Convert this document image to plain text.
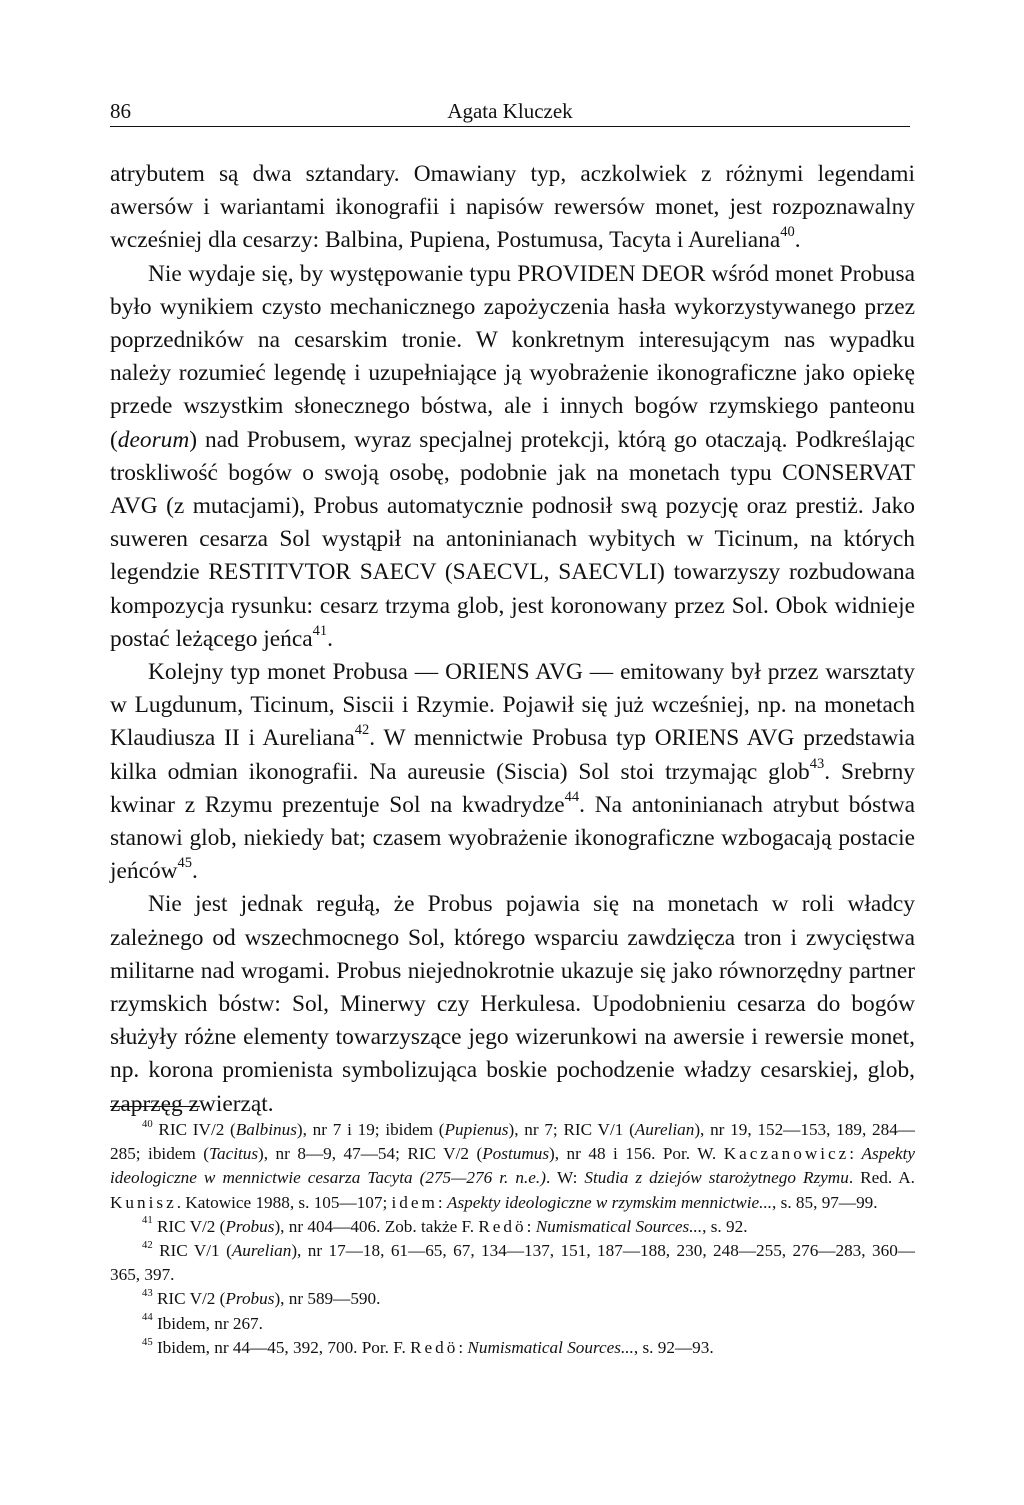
86	Agata Kluczek

atrybutem są dwa sztandary. Omawiany typ, aczkolwiek z różnymi legendami awersów i wariantami ikonografii i napisów rewersów monet, jest rozpoznawalny wcześniej dla cesarzy: Balbina, Pupiena, Postumusa, Tacyta i Aureliana$^{40}$.

Nie wydaje się, by występowanie typu PROVIDEN DEOR wśród monet Probusa było wynikiem czysto mechanicznego zapożyczenia hasła wykorzystywanego przez poprzedników na cesarskim tronie. W konkretnym interesującym nas wypadku należy rozumieć legendę i uzupełniające ją wyobrażenie ikonograficzne jako opiekę przede wszystkim słonecznego bóstwa, ale i innych bogów rzymskiego panteonu (deorum) nad Probusem, wyraz specjalnej protekcji, którą go otaczają. Podkreślając troskliwość bogów o swoją osobę, podobnie jak na monetach typu CONSERVAT AVG (z mutacjami), Probus automatycznie podnosił swą pozycję oraz prestiż. Jako suweren cesarza Sol wystąpił na antoninianach wybitych w Ticinum, na których legendzie RESTITVTOR SAECV (SAECVL, SAECVLI) towarzyszy rozbudowana kompozycja rysunku: cesarz trzyma glob, jest koronowany przez Sol. Obok widnieje postać leżącego jeńca$^{41}$.

Kolejny typ monet Probusa — ORIENS AVG — emitowany był przez warsztaty w Lugdunum, Ticinum, Siscii i Rzymie. Pojawił się już wcześniej, np. na monetach Klaudiusza II i Aureliana$^{42}$. W mennictwie Probusa typ ORIENS AVG przedstawia kilka odmian ikonografii. Na aureusie (Siscia) Sol stoi trzymając glob$^{43}$. Srebrny kwinar z Rzymu prezentuje Sol na kwadrydze$^{44}$. Na antoninianach atrybut bóstwa stanowi glob, niekiedy bat; czasem wyobrażenie ikonograficzne wzbogacają postacie jeńców$^{45}$.

Nie jest jednak regułą, że Probus pojawia się na monetach w roli władcy zależnego od wszechmocnego Sol, którego wsparciu zawdzięcza tron i zwycięstwa militarne nad wrogami. Probus niejednokrotnie ukazuje się jako równorzędny partner rzymskich bóstw: Sol, Minerwy czy Herkulesa. Upodobnieniu cesarza do bogów służyły różne elementy towarzyszące jego wizerunkowi na awersie i rewersie monet, np. korona promienista symbolizująca boskie pochodzenie władzy cesarskiej, glob, zaprzęg zwierząt.

$^{40}$ RIC IV/2 (Balbinus), nr 7 i 19; ibidem (Pupienus), nr 7; RIC V/1 (Aurelian), nr 19, 152—153, 189, 284—285; ibidem (Tacitus), nr 8—9, 47—54; RIC V/2 (Postumus), nr 48 i 156. Por. W. Kaczanowicz: Aspekty ideologiczne w mennictwie cesarza Tacyta (275—276 r. n.e.). W: Studia z dziejów starożytnego Rzymu. Red. A. Kunisz. Katowice 1988, s. 105—107; idem: Aspekty ideologiczne w rzymskim mennictwie..., s. 85, 97—99.

$^{41}$ RIC V/2 (Probus), nr 404—406. Zob. także F. Redö: Numismatical Sources..., s. 92.

$^{42}$ RIC V/1 (Aurelian), nr 17—18, 61—65, 67, 134—137, 151, 187—188, 230, 248—255, 276—283, 360—365, 397.

$^{43}$ RIC V/2 (Probus), nr 589—590.

$^{44}$ Ibidem, nr 267.

$^{45}$ Ibidem, nr 44—45, 392, 700. Por. F. Redö: Numismatical Sources..., s. 92—93.
